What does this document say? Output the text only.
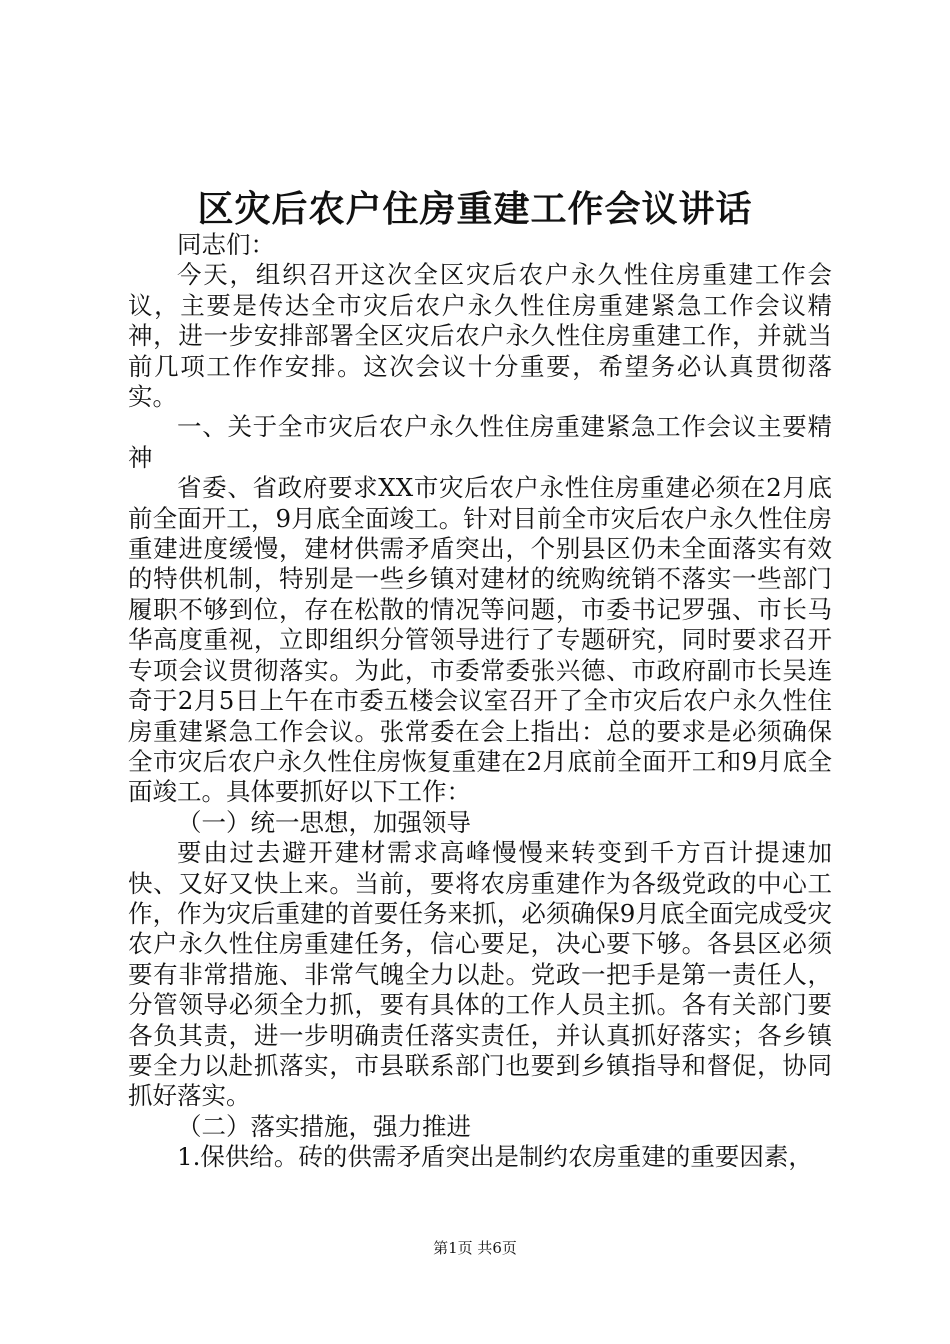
区灾后农户住房重建工作会议讲话

同志们：

今天，组织召开这次全区灾后农户永久性住房重建工作会议，主要是传达全市灾后农户永久性住房重建紧急工作会议精神，进一步安排部署全区灾后农户永久性住房重建工作，并就当前几项工作作安排。这次会议十分重要，希望务必认真贯彻落实。

一、关于全市灾后农户永久性住房重建紧急工作会议主要精神

省委、省政府要求XX市灾后农户永性住房重建必须在2月底前全面开工，9月底全面竣工。针对目前全市灾后农户永久性住房重建进度缓慢，建材供需矛盾突出，个别县区仍未全面落实有效的特供机制，特别是一些乡镇对建材的统购统销不落实一些部门履职不够到位，存在松散的情况等问题，市委书记罗强、市长马华高度重视，立即组织分管领导进行了专题研究，同时要求召开专项会议贯彻落实。为此，市委常委张兴德、市政府副市长吴连奇于2月5日上午在市委五楼会议室召开了全市灾后农户永久性住房重建紧急工作会议。张常委在会上指出：总的要求是必须确保全市灾后农户永久性住房恢复重建在2月底前全面开工和9月底全面竣工。具体要抓好以下工作：

（一）统一思想，加强领导

要由过去避开建材需求高峰慢慢来转变到千方百计提速加快、又好又快上来。当前，要将农房重建作为各级党政的中心工作，作为灾后重建的首要任务来抓，必须确保9月底全面完成受灾农户永久性住房重建任务，信心要足，决心要下够。各县区必须要有非常措施、非常气魄全力以赴。党政一把手是第一责任人，分管领导必须全力抓，要有具体的工作人员主抓。各有关部门要各负其责，进一步明确责任落实责任，并认真抓好落实；各乡镇要全力以赴抓落实，市县联系部门也要到乡镇指导和督促，协同抓好落实。

（二）落实措施，强力推进

1.保供给。砖的供需矛盾突出是制约农房重建的重要因素，

第1页 共6页
